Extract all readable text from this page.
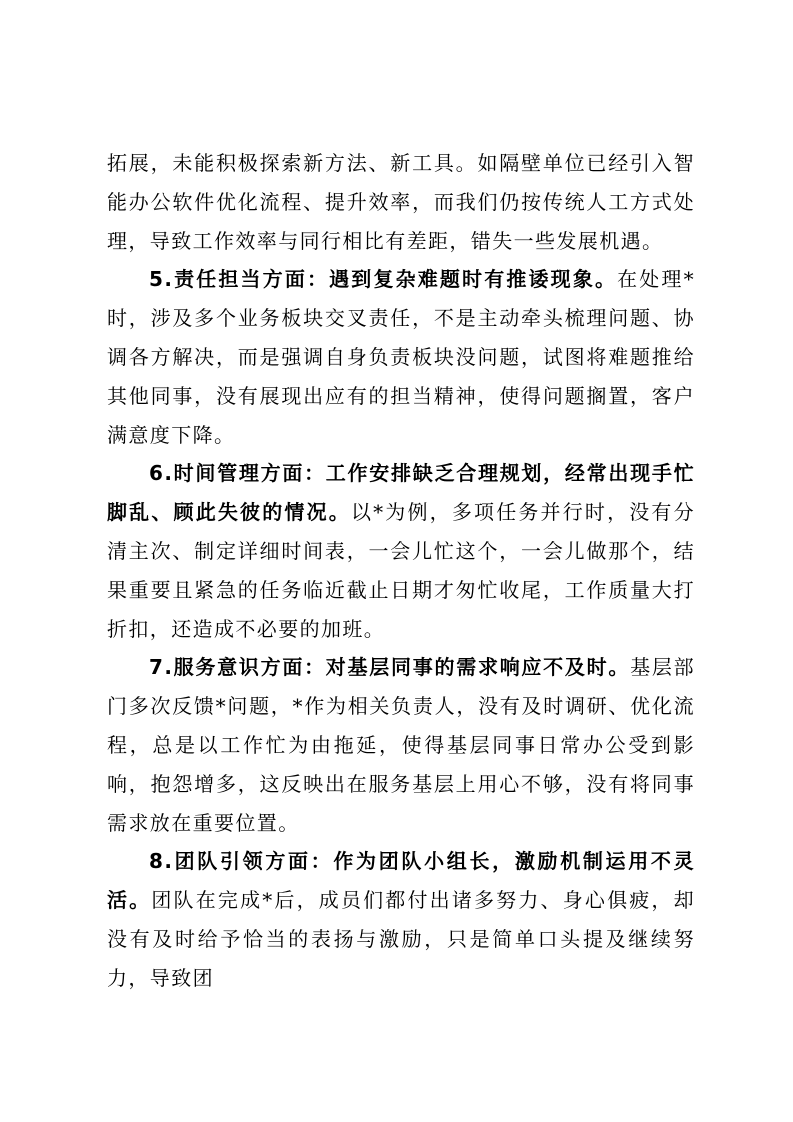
拓展，未能积极探索新方法、新工具。如隔壁单位已经引入智能办公软件优化流程、提升效率，而我们仍按传统人工方式处理，导致工作效率与同行相比有差距，错失一些发展机遇。

5.责任担当方面：遇到复杂难题时有推诿现象。在处理*时，涉及多个业务板块交叉责任，不是主动牵头梳理问题、协调各方解决，而是强调自身负责板块没问题，试图将难题推给其他同事，没有展现出应有的担当精神，使得问题搁置，客户满意度下降。

6.时间管理方面：工作安排缺乏合理规划，经常出现手忙脚乱、顾此失彼的情况。以*为例，多项任务并行时，没有分清主次、制定详细时间表，一会儿忙这个，一会儿做那个，结果重要且紧急的任务临近截止日期才匆忙收尾，工作质量大打折扣，还造成不必要的加班。

7.服务意识方面：对基层同事的需求响应不及时。基层部门多次反馈*问题，*作为相关负责人，没有及时调研、优化流程，总是以工作忙为由拖延，使得基层同事日常办公受到影响，抱怨增多，这反映出在服务基层上用心不够，没有将同事需求放在重要位置。

8.团队引领方面：作为团队小组长，激励机制运用不灵活。团队在完成*后，成员们都付出诸多努力、身心俱疲，却没有及时给予恰当的表扬与激励，只是简单口头提及继续努力，导致团
